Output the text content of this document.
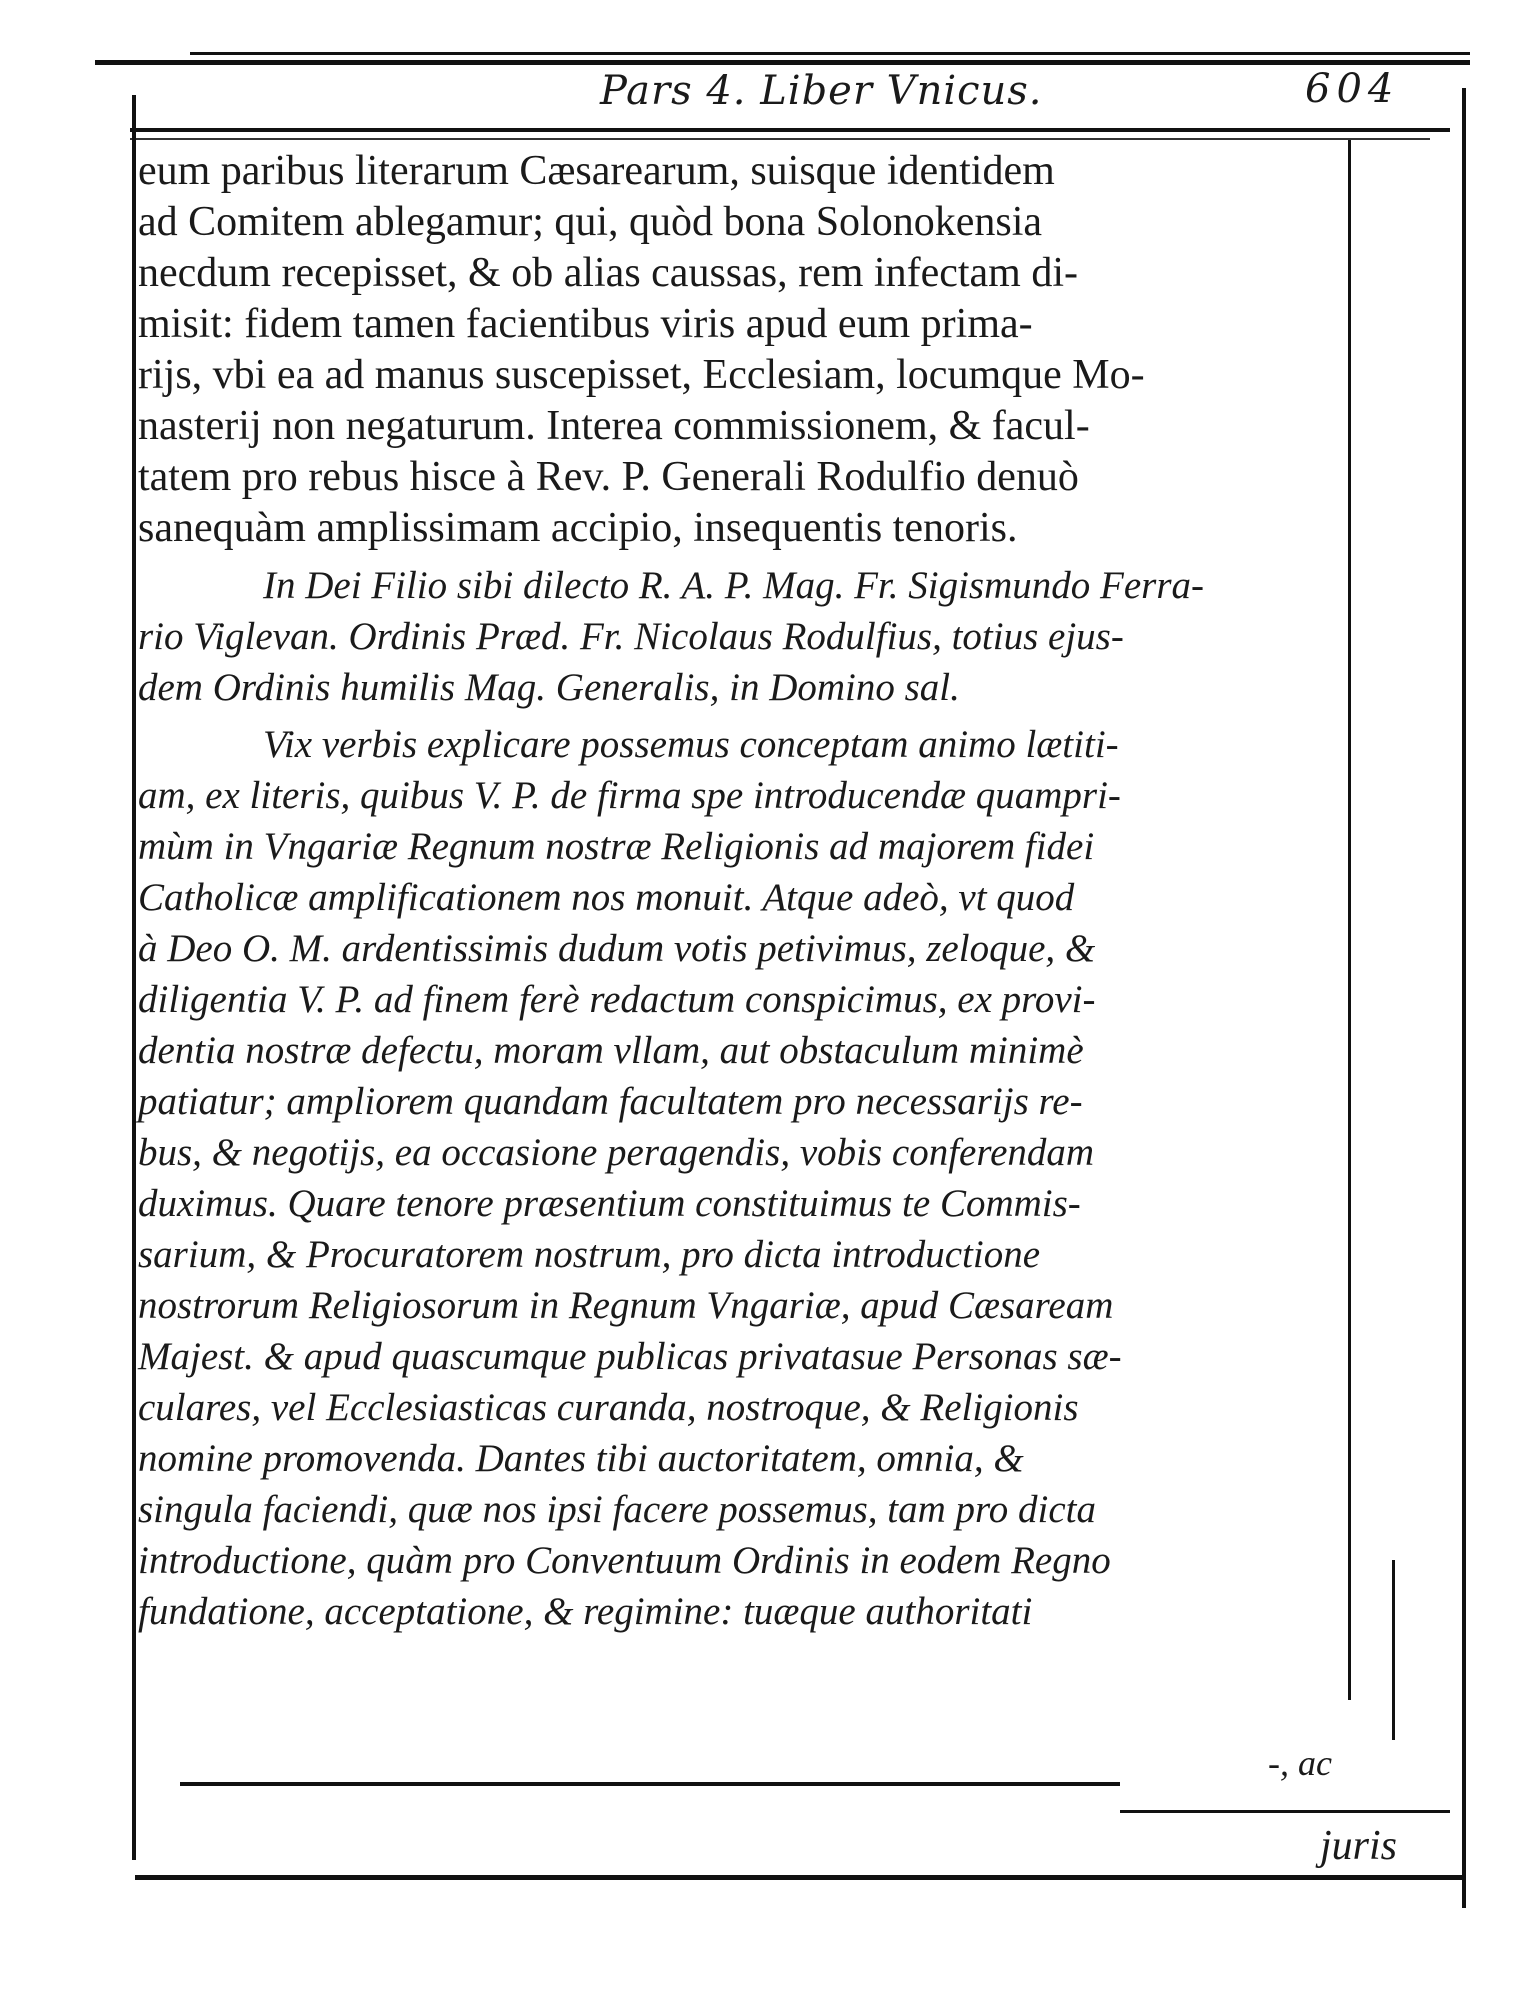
Pars 4. Liber Vnicus.	604
eum paribus literarum Cæsarearum, suisque identidem
ad Comitem ablegamur; qui, quòd bona Solonokensia
necdum recepisset, & ob alias caussas, rem infectam di-
misit: fidem tamen facientibus viris apud eum prima-
rijs, vbi ea ad manus suscepisset, Ecclesiam, locumque Mo-
nasterij non negaturum. Interea commissionem, & facul-
tatem pro rebus hisce à Rev. P. Generali Rodulfio denuò
sanequàm amplissimam accipio, insequentis tenoris.
In Dei Filio sibi dilecto R. A. P. Mag. Fr. Sigismundo Ferra-
rio Viglevan. Ordinis Præd. Fr. Nicolaus Rodulfius, totius ejus-
dem Ordinis humilis Mag. Generalis, in Domino sal.
Vix verbis explicare possemus conceptam animo lætiti-
am, ex literis, quibus V. P. de firma spe introducendæ quampri-
mùm in Vngariæ Regnum nostræ Religionis ad majorem fidei
Catholicæ amplificationem nos monuit. Atque adeò, vt quod
à Deo O. M. ardentissimis dudum votis petivimus, zeloque, &
diligentia V. P. ad finem ferè redactum conspicimus, ex provi-
dentia nostræ defectu, moram vllam, aut obstaculum minimè
patiatur; ampliorem quandam facultatem pro necessarijs re-
bus, & negotijs, ea occasione peragendis, vobis conferendam
duximus. Quare tenore præsentium constituimus te Commis-
sarium, & Procuratorem nostrum, pro dicta introductione
nostrorum Religiosorum in Regnum Vngariæ, apud Cæsaream
Majest. & apud quascumque publicas privatasue Personas sæ-
culares, vel Ecclesiasticas curanda, nostroque, & Religionis
nomine promovenda. Dantes tibi auctoritatem, omnia, &
singula faciendi, quæ nos ipsi facere possemus, tam pro dicta
introductione, quàm pro Conventuum Ordinis in eodem Regno
fundatione, acceptatione, & regimine: tuæque authoritati
-, ac
juris
